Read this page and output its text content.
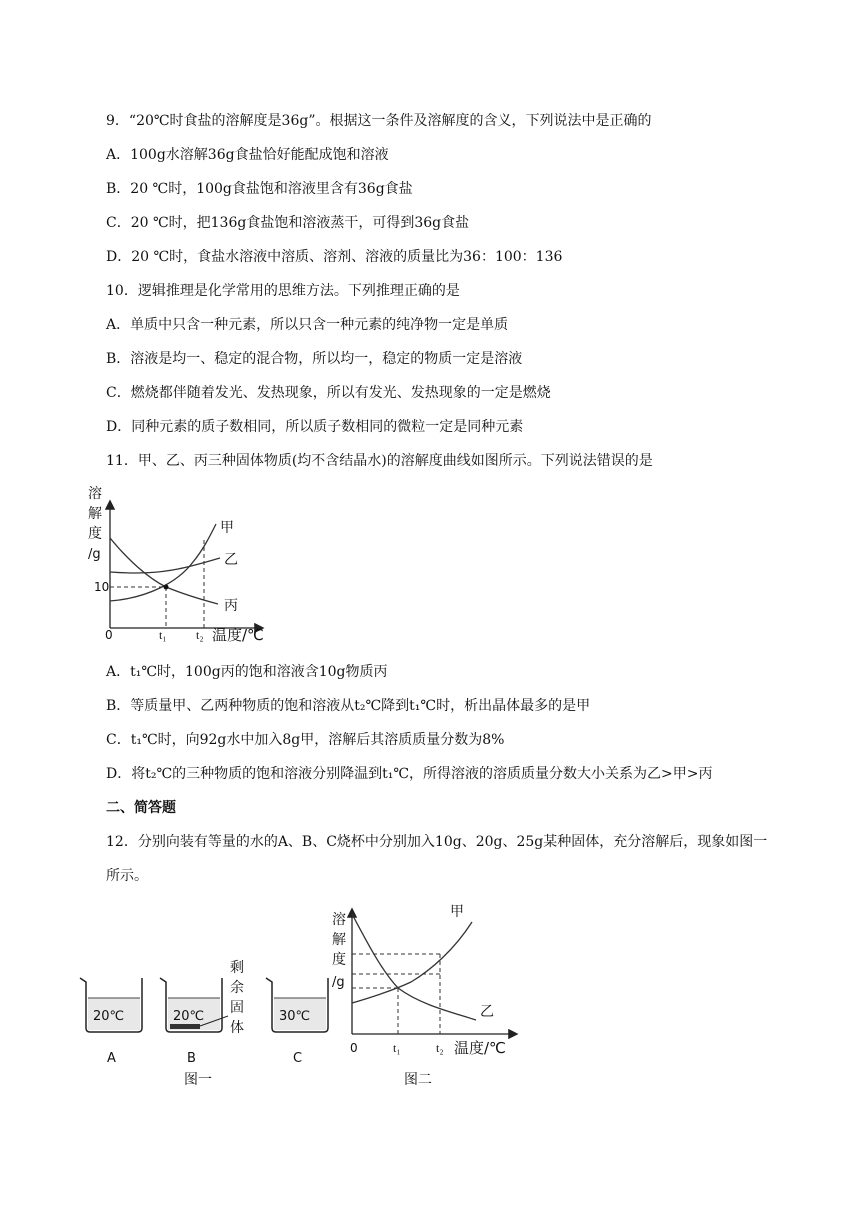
9．“20℃时食盐的溶解度是36g”。根据这一条件及溶解度的含义，下列说法中是正确的
A．100g水溶解36g食盐恰好能配成饱和溶液
B．20 ℃时，100g食盐饱和溶液里含有36g食盐
C．20 ℃时，把136g食盐饱和溶液蒸干，可得到36g食盐
D．20 ℃时，食盐水溶液中溶质、溶剂、溶液的质量比为36：100：136
10．逻辑推理是化学常用的思维方法。下列推理正确的是
A．单质中只含一种元素，所以只含一种元素的纯净物一定是单质
B．溶液是均一、稳定的混合物，所以均一，稳定的物质一定是溶液
C．燃烧都伴随着发光、发热现象，所以有发光、发热现象的一定是燃烧
D．同种元素的质子数相同，所以质子数相同的微粒一定是同种元素
11．甲、乙、丙三种固体物质(均不含结晶水)的溶解度曲线如图所示。下列说法错误的是
溶
解
度
/g
10
0	t₁ t₂ 温度/℃
甲
乙
丙
A．t₁℃时，100g丙的饱和溶液含10g物质丙
B．等质量甲、乙两种物质的饱和溶液从t₂℃降到t₁℃时，析出晶体最多的是甲
C．t₁℃时，向92g水中加入8g甲，溶解后其溶质质量分数为8%
D．将t₂℃的三种物质的饱和溶液分别降温到t₁℃，所得溶液的溶质质量分数大小关系为乙>甲>丙
二、简答题
12．分别向装有等量的水的A、B、C烧杯中分别加入10g、20g、25g某种固体，充分溶解后，现象如图一
所示。
20℃
A
20℃
B
剩
余
固
体
30℃
C
图一
溶
解
度
/g
0	t₁	t₂ 温度/℃
甲
乙
图二
